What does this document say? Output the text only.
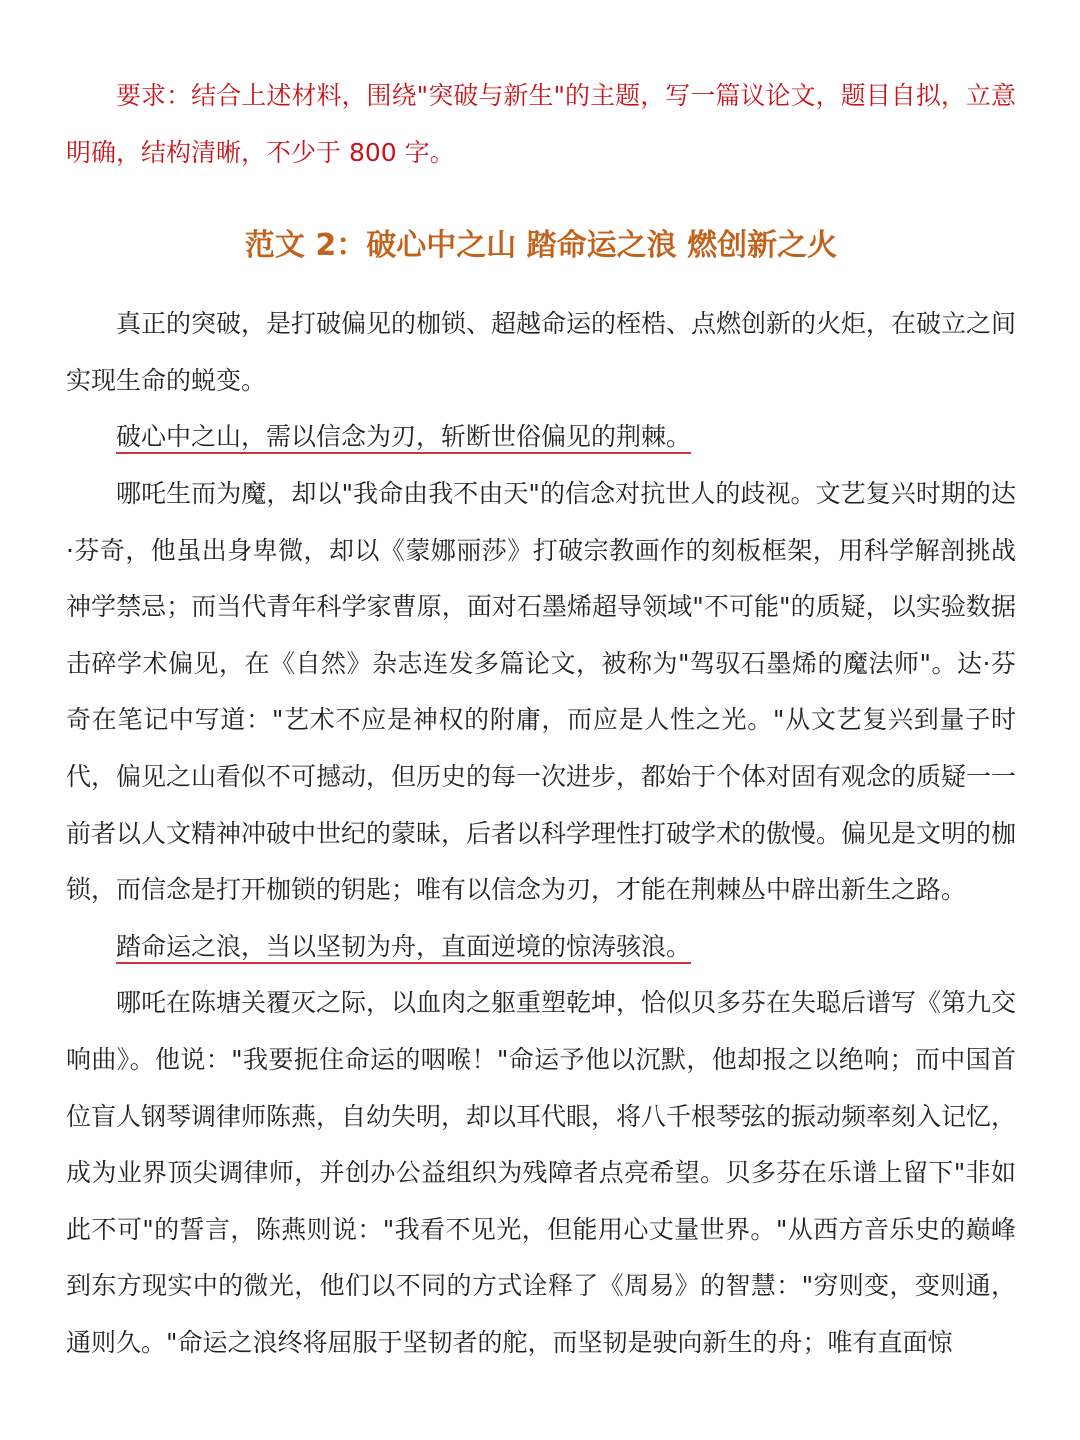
要求：结合上述材料，围绕"突破与新生"的主题，写一篇议论文，题目自拟，立意明确，结构清晰，不少于 800 字。

范文 2：破心中之山 踏命运之浪 燃创新之火

真正的突破，是打破偏见的枷锁、超越命运的桎梏、点燃创新的火炬，在破立之间实现生命的蜕变。

破心中之山，需以信念为刃，斩断世俗偏见的荆棘。

哪吒生而为魔，却以"我命由我不由天"的信念对抗世人的歧视。文艺复兴时期的达·芬奇，他虽出身卑微，却以《蒙娜丽莎》打破宗教画作的刻板框架，用科学解剖挑战神学禁忌；而当代青年科学家曹原，面对石墨烯超导领域"不可能"的质疑，以实验数据击碎学术偏见，在《自然》杂志连发多篇论文，被称为"驾驭石墨烯的魔法师"。达·芬奇在笔记中写道："艺术不应是神权的附庸，而应是人性之光。"从文艺复兴到量子时代，偏见之山看似不可撼动，但历史的每一次进步，都始于个体对固有观念的质疑一一前者以人文精神冲破中世纪的蒙昧，后者以科学理性打破学术的傲慢。偏见是文明的枷锁，而信念是打开枷锁的钥匙；唯有以信念为刃，才能在荆棘丛中辟出新生之路。

踏命运之浪，当以坚韧为舟，直面逆境的惊涛骇浪。

哪吒在陈塘关覆灭之际，以血肉之躯重塑乾坤，恰似贝多芬在失聪后谱写《第九交响曲》。他说："我要扼住命运的咽喉！"命运予他以沉默，他却报之以绝响；而中国首位盲人钢琴调律师陈燕，自幼失明，却以耳代眼，将八千根琴弦的振动频率刻入记忆，成为业界顶尖调律师，并创办公益组织为残障者点亮希望。贝多芬在乐谱上留下"非如此不可"的誓言，陈燕则说："我看不见光，但能用心丈量世界。"从西方音乐史的巅峰到东方现实中的微光，他们以不同的方式诠释了《周易》的智慧："穷则变，变则通，通则久。"命运之浪终将屈服于坚韧者的舵，而坚韧是驶向新生的舟；唯有直面惊
